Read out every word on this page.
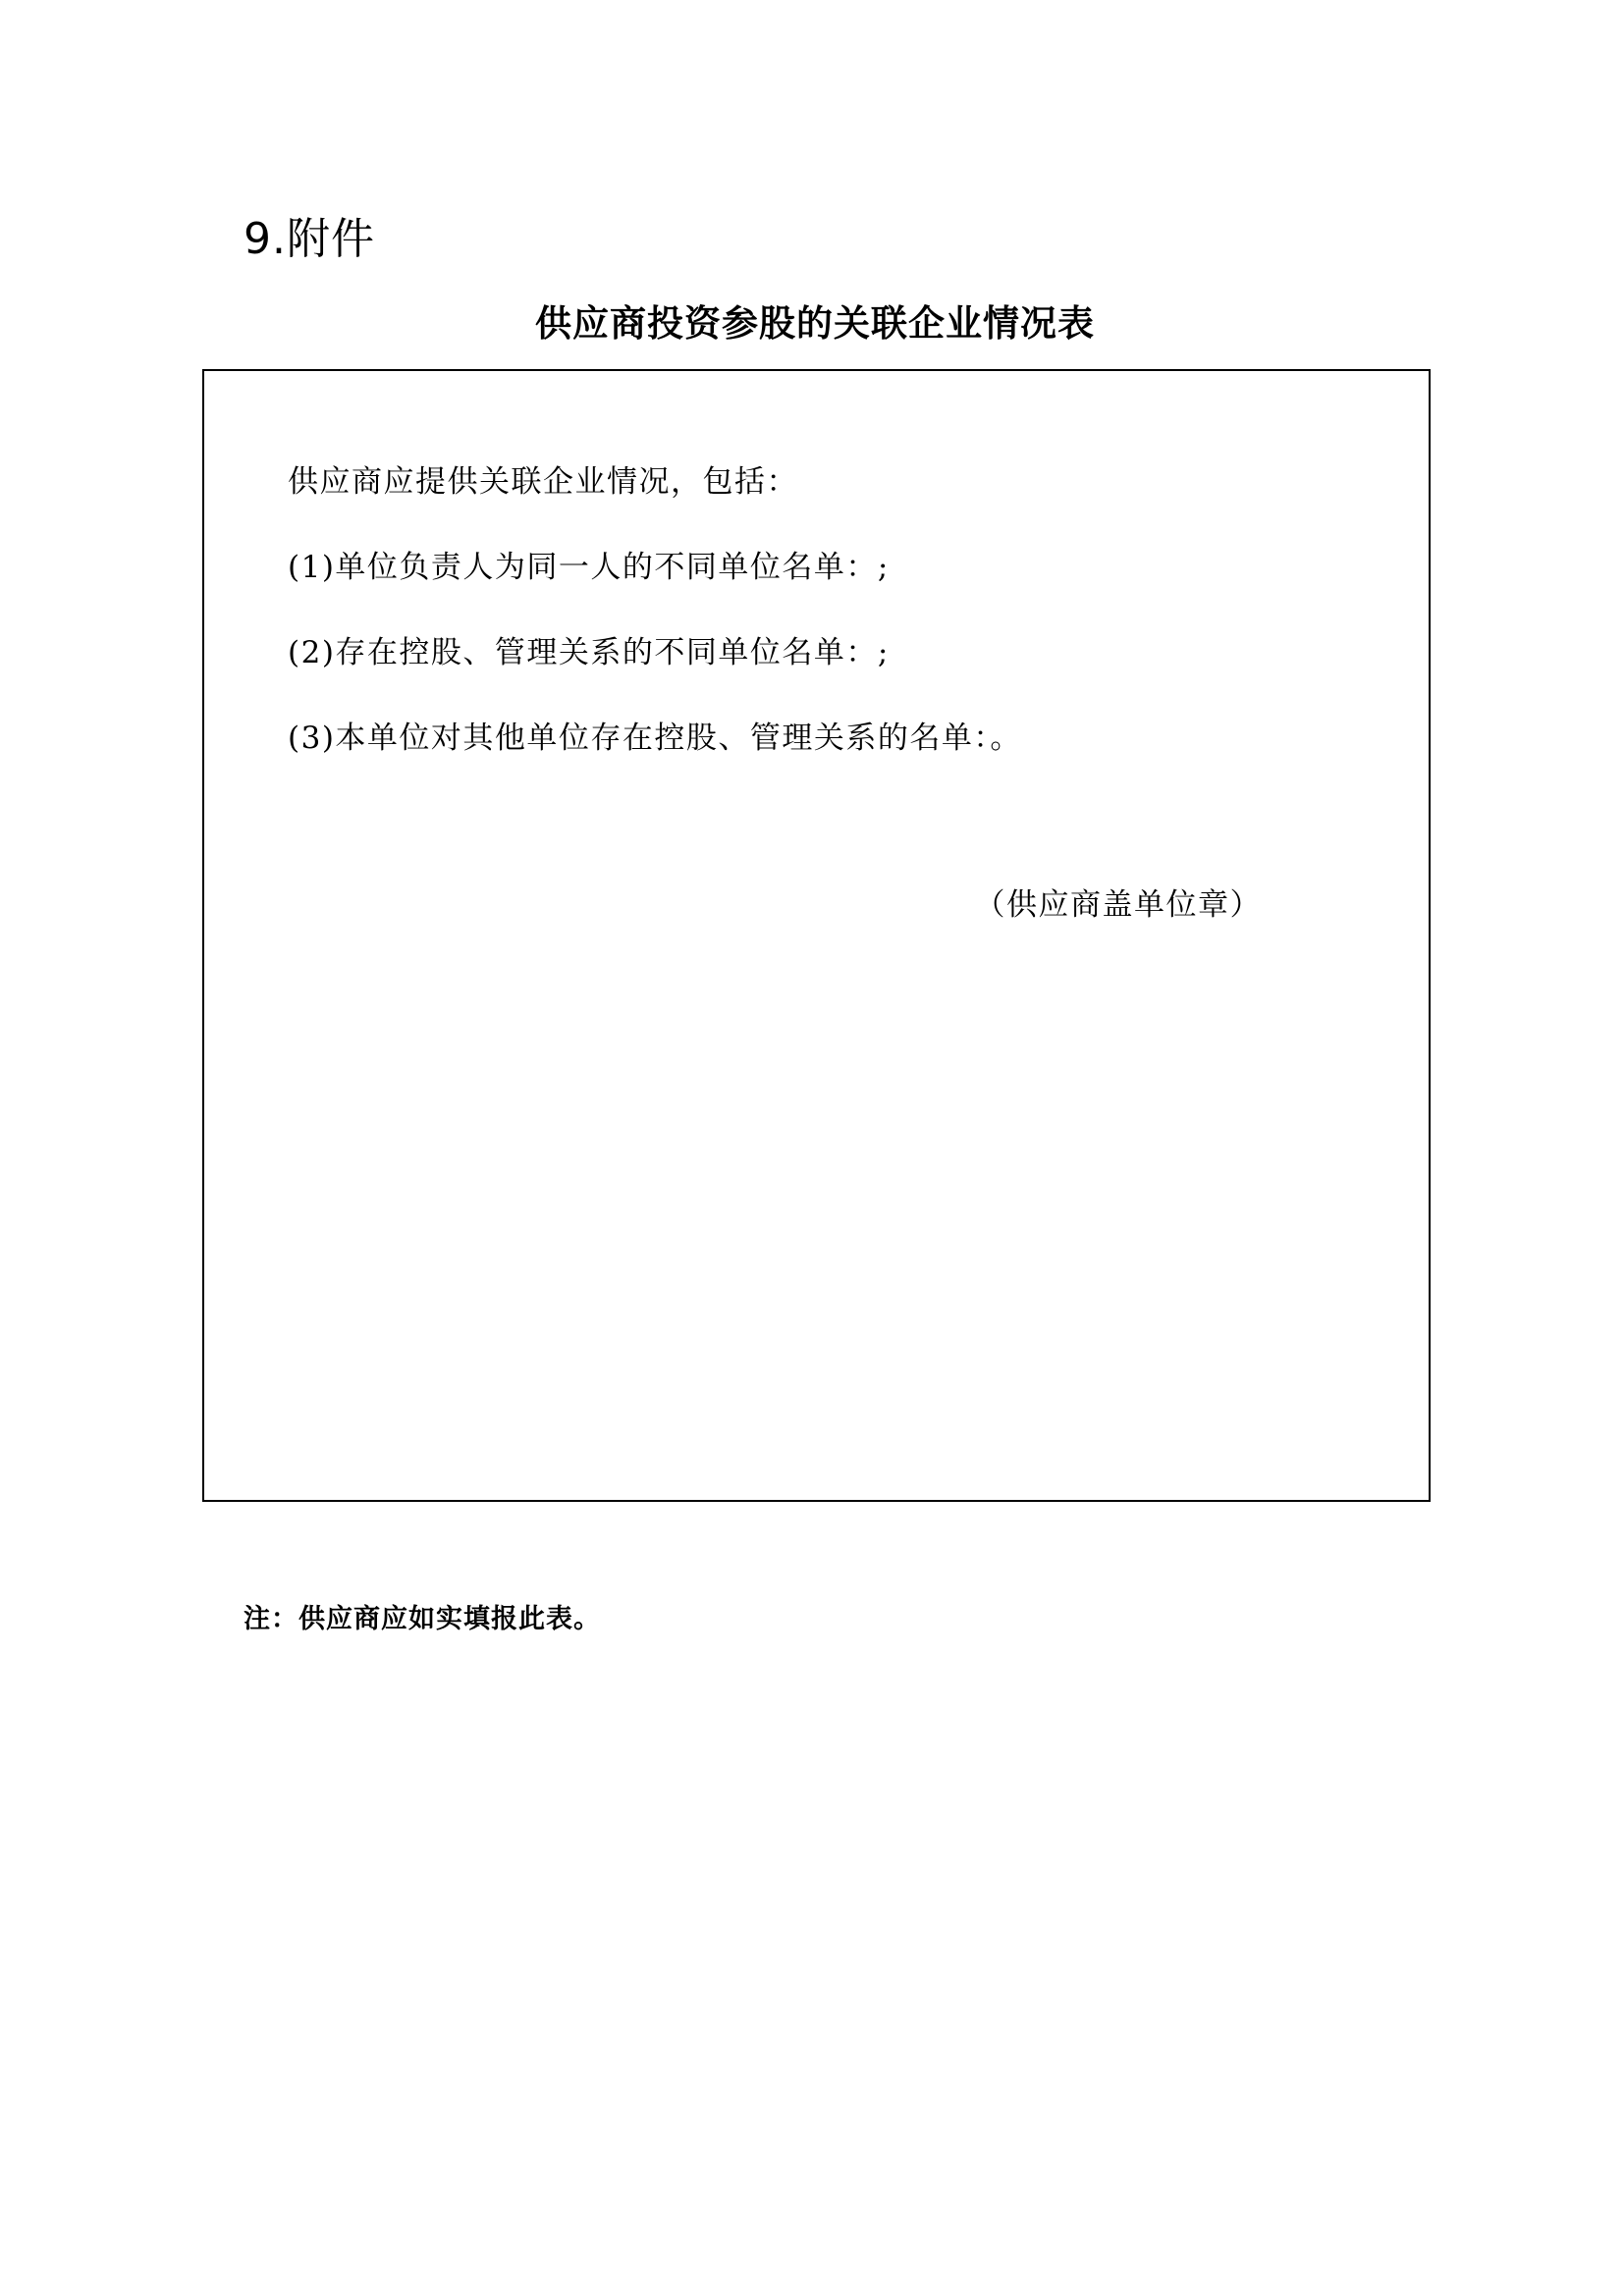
9.附件
供应商投资参股的关联企业情况表
供应商应提供关联企业情况，包括：
(1)单位负责人为同一人的不同单位名单：;
(2)存在控股、管理关系的不同单位名单：;
(3)本单位对其他单位存在控股、管理关系的名单：。
（供应商盖单位章）
注：供应商应如实填报此表。
